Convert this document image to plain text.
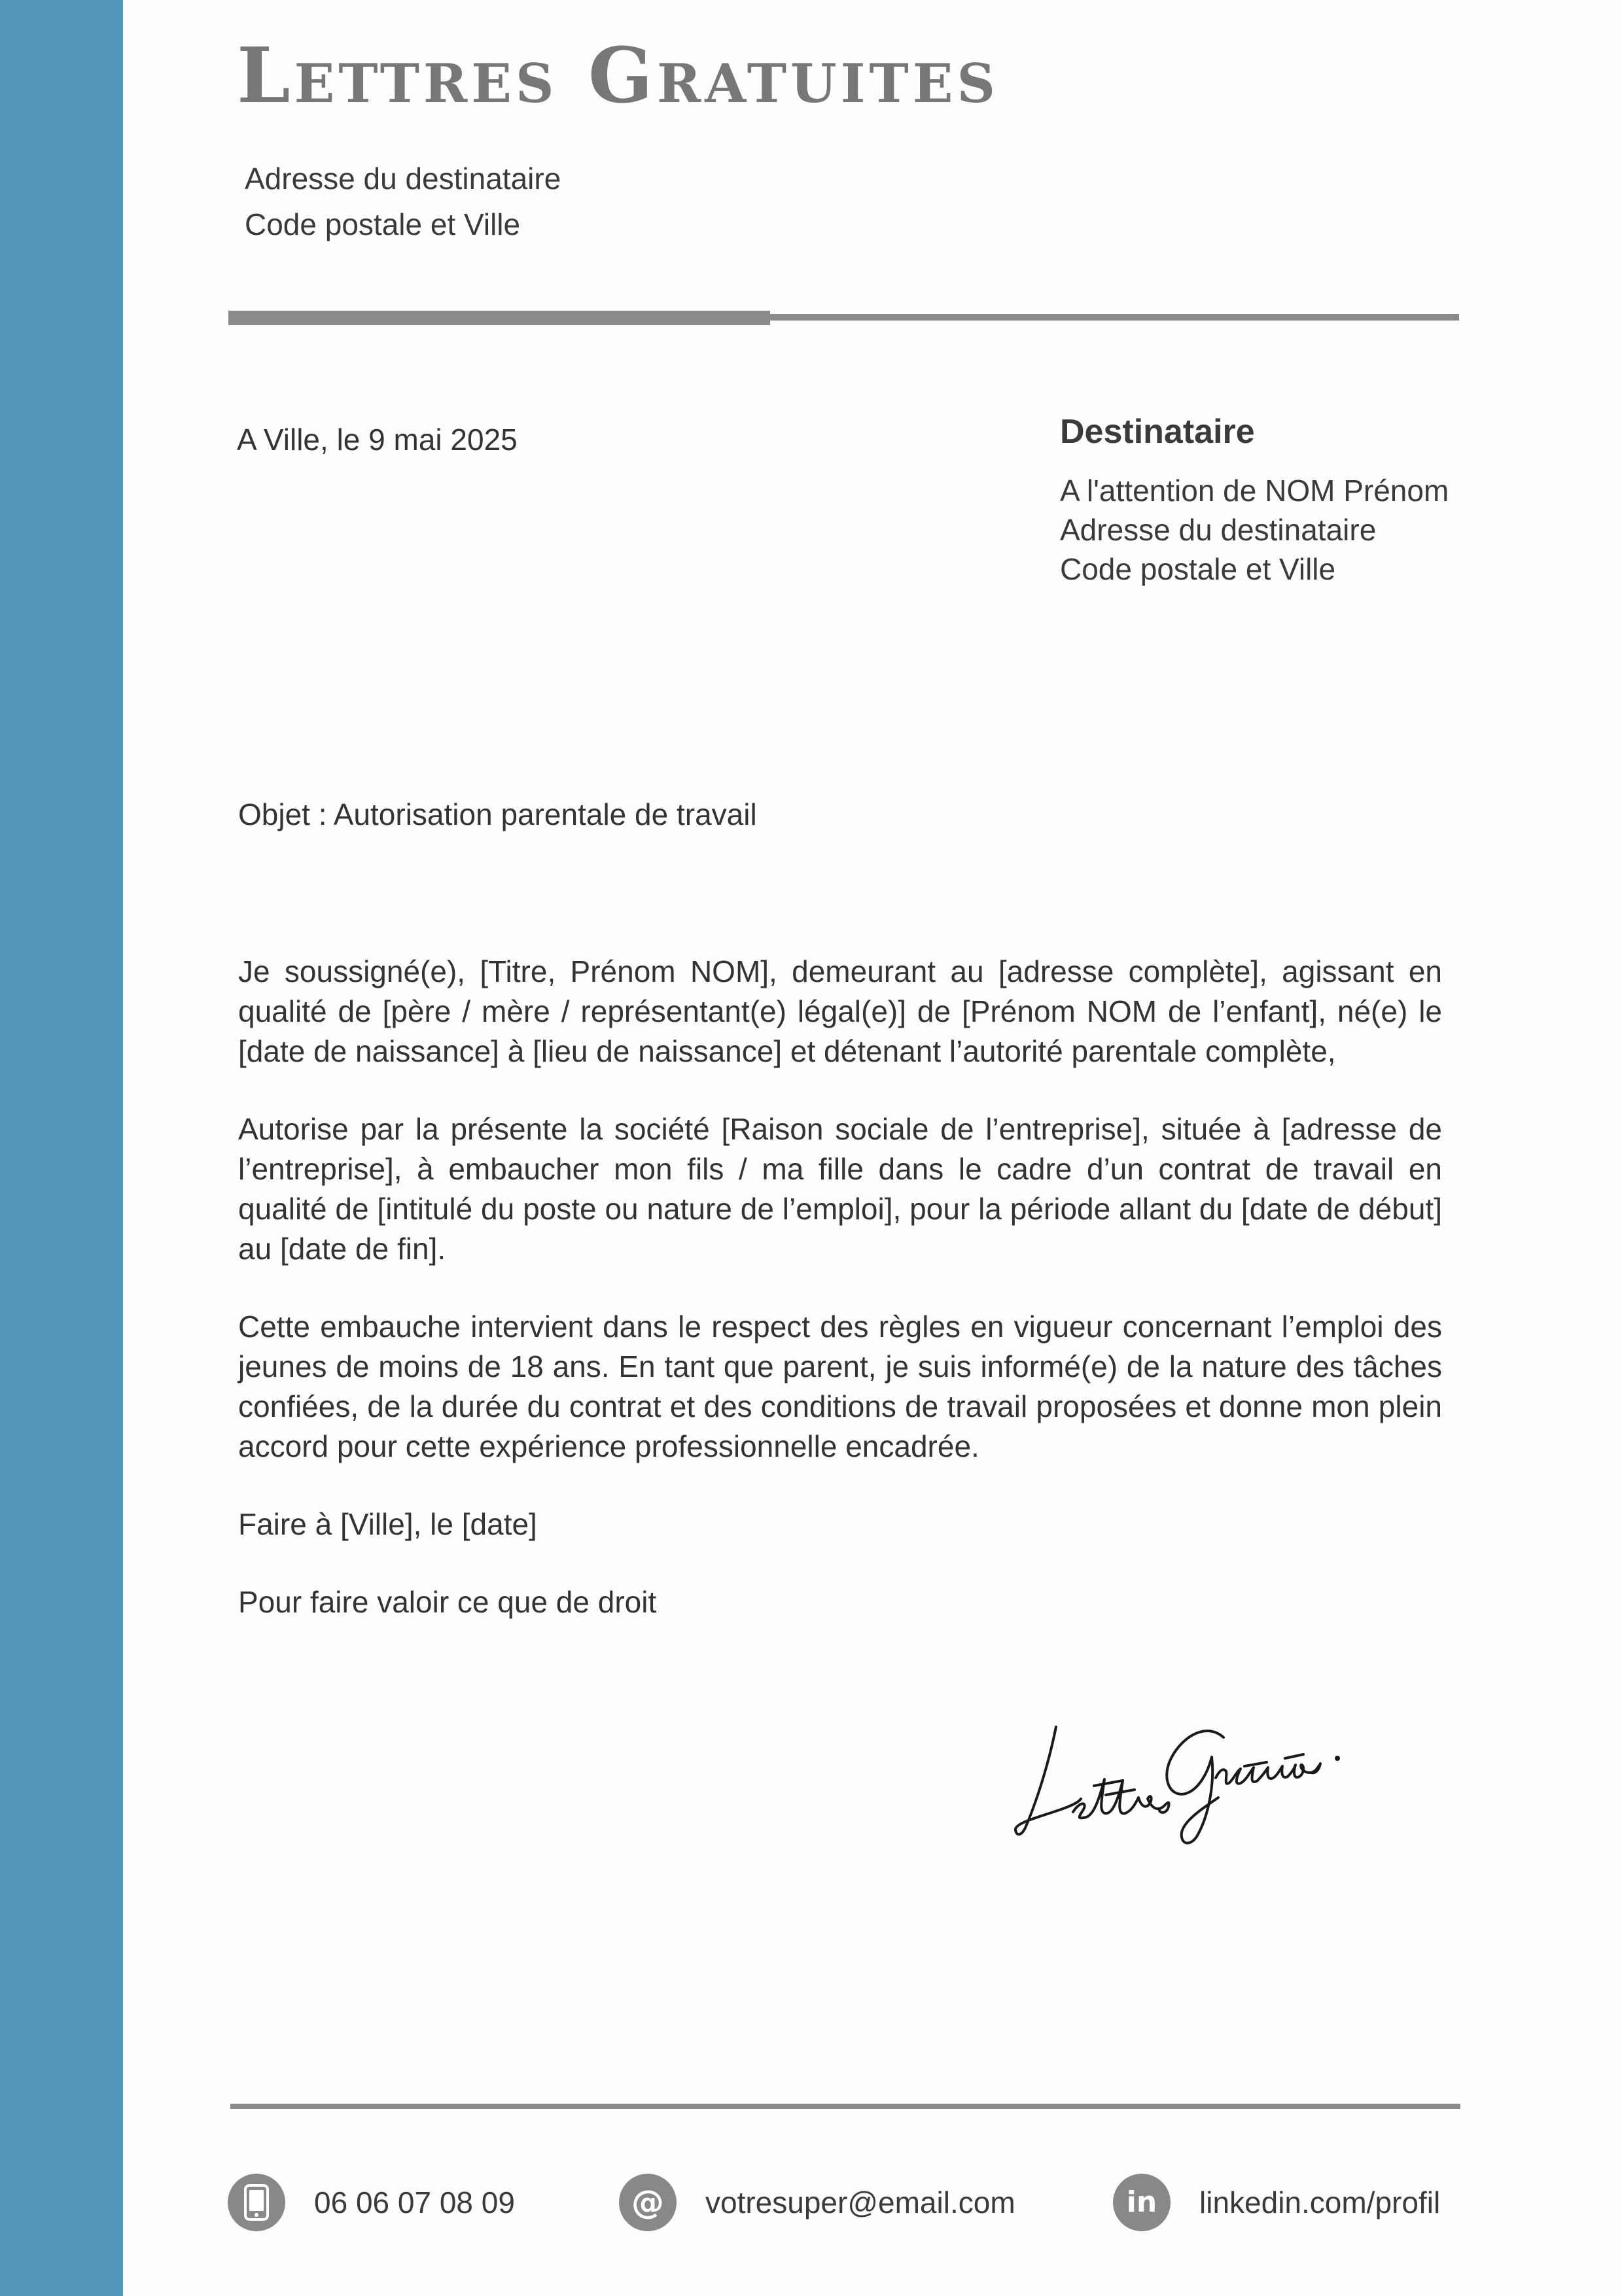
Lettres Gratuites
Adresse du destinataire
Code postale et Ville
A Ville, le 9 mai 2025	Destinataire
A l'attention de NOM Prénom
Adresse du destinataire
Code postale et Ville
Objet : Autorisation parentale de travail

Je soussigné(e), [Titre, Prénom NOM], demeurant au [adresse complète], agissant en qualité de [père / mère / représentant(e) légal(e)] de [Prénom NOM de l’enfant], né(e) le [date de naissance] à [lieu de naissance] et détenant l’autorité parentale complète,

Autorise par la présente la société [Raison sociale de l’entreprise], située à [adresse de l’entreprise], à embaucher mon fils / ma fille dans le cadre d’un contrat de travail en qualité de [intitulé du poste ou nature de l’emploi], pour la période allant du [date de début] au [date de fin].

Cette embauche intervient dans le respect des règles en vigueur concernant l’emploi des jeunes de moins de 18 ans. En tant que parent, je suis informé(e) de la nature des tâches confiées, de la durée du contrat et des conditions de travail proposées et donne mon plein accord pour cette expérience professionnelle encadrée.

Faire à [Ville], le [date]

Pour faire valoir ce que de droit

06 06 07 08 09	@ votresuper@email.com	in linkedin.com/profil
